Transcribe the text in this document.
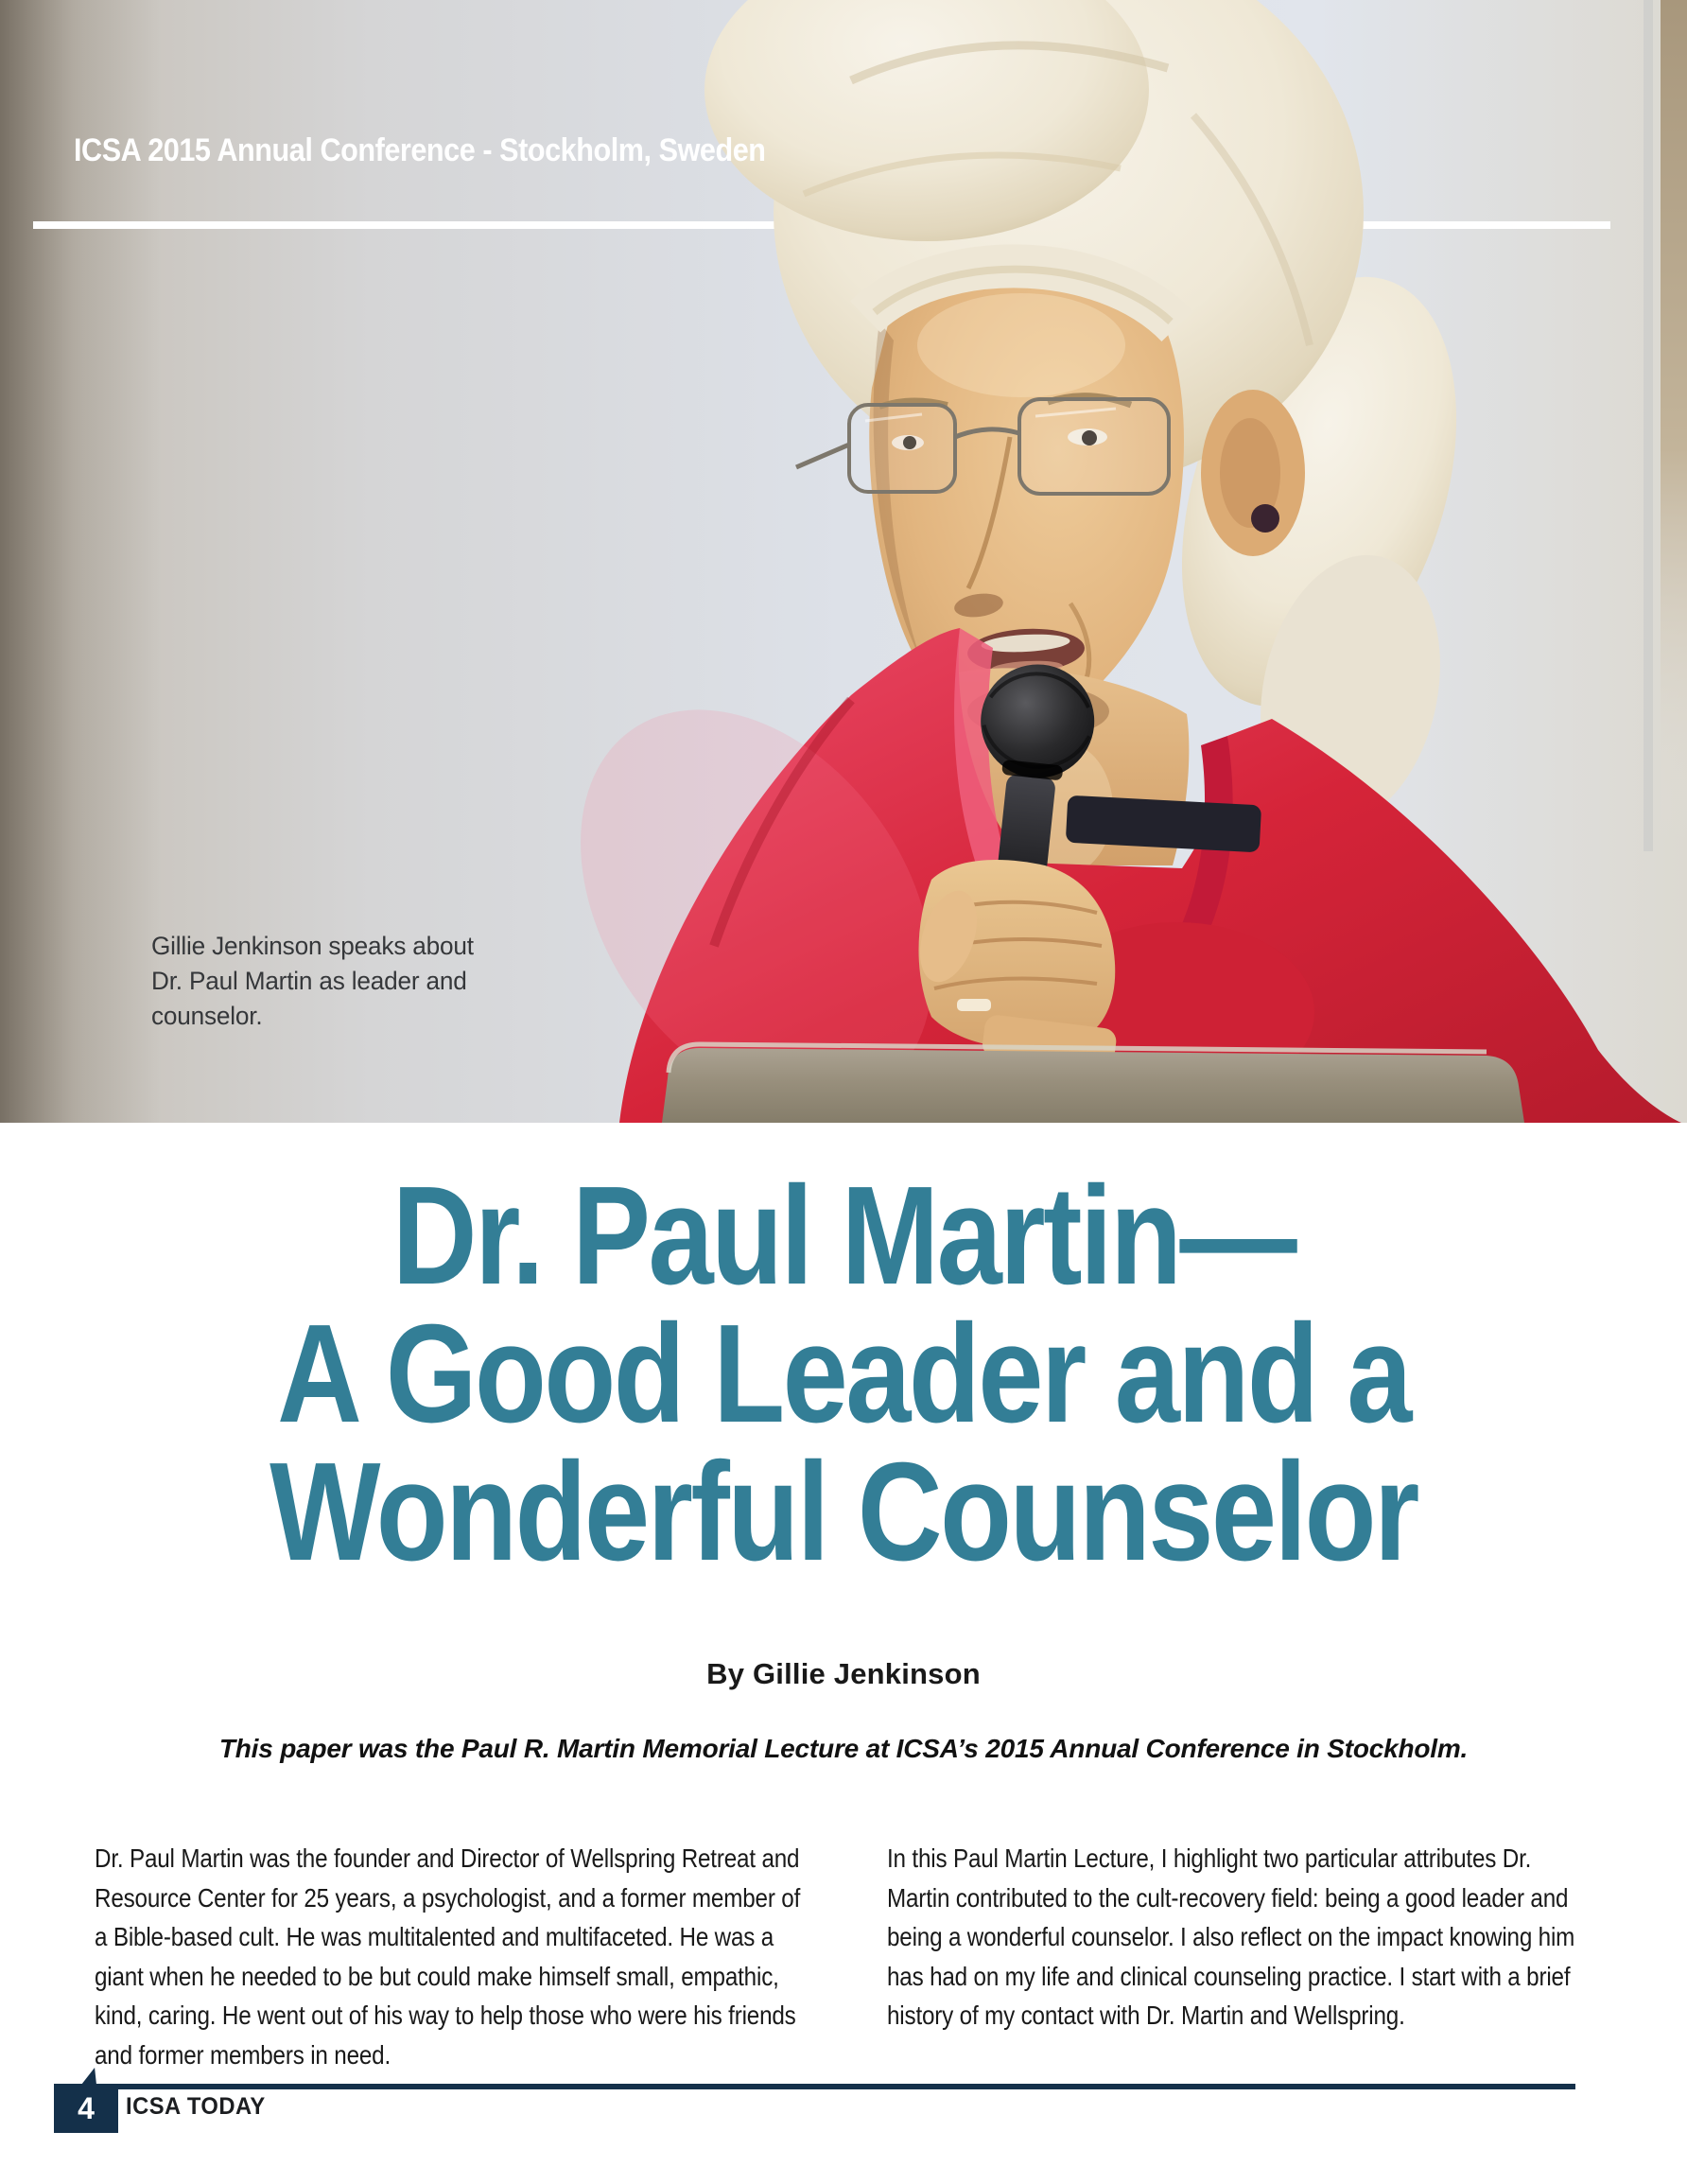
ICSA 2015 Annual Conference - Stockholm, Sweden
Gillie Jenkinson speaks about
Dr. Paul Martin as leader and
counselor.
Dr. Paul Martin—
A Good Leader and a
Wonderful Counselor
By Gillie Jenkinson
This paper was the Paul R. Martin Memorial Lecture at ICSA’s 2015 Annual Conference in Stockholm.
Dr. Paul Martin was the founder and Director of Wellspring Retreat and Resource Center for 25 years, a psychologist, and a former member of a Bible-based cult. He was multitalented and multifaceted. He was a giant when he needed to be but could make himself small, empathic, kind, caring. He went out of his way to help those who were his friends and former members in need.
In this Paul Martin Lecture, I highlight two particular attributes Dr. Martin contributed to the cult-recovery field: being a good leader and being a wonderful counselor. I also reflect on the impact knowing him has had on my life and clinical counseling practice. I start with a brief history of my contact with Dr. Martin and Wellspring.
4 ICSA TODAY
